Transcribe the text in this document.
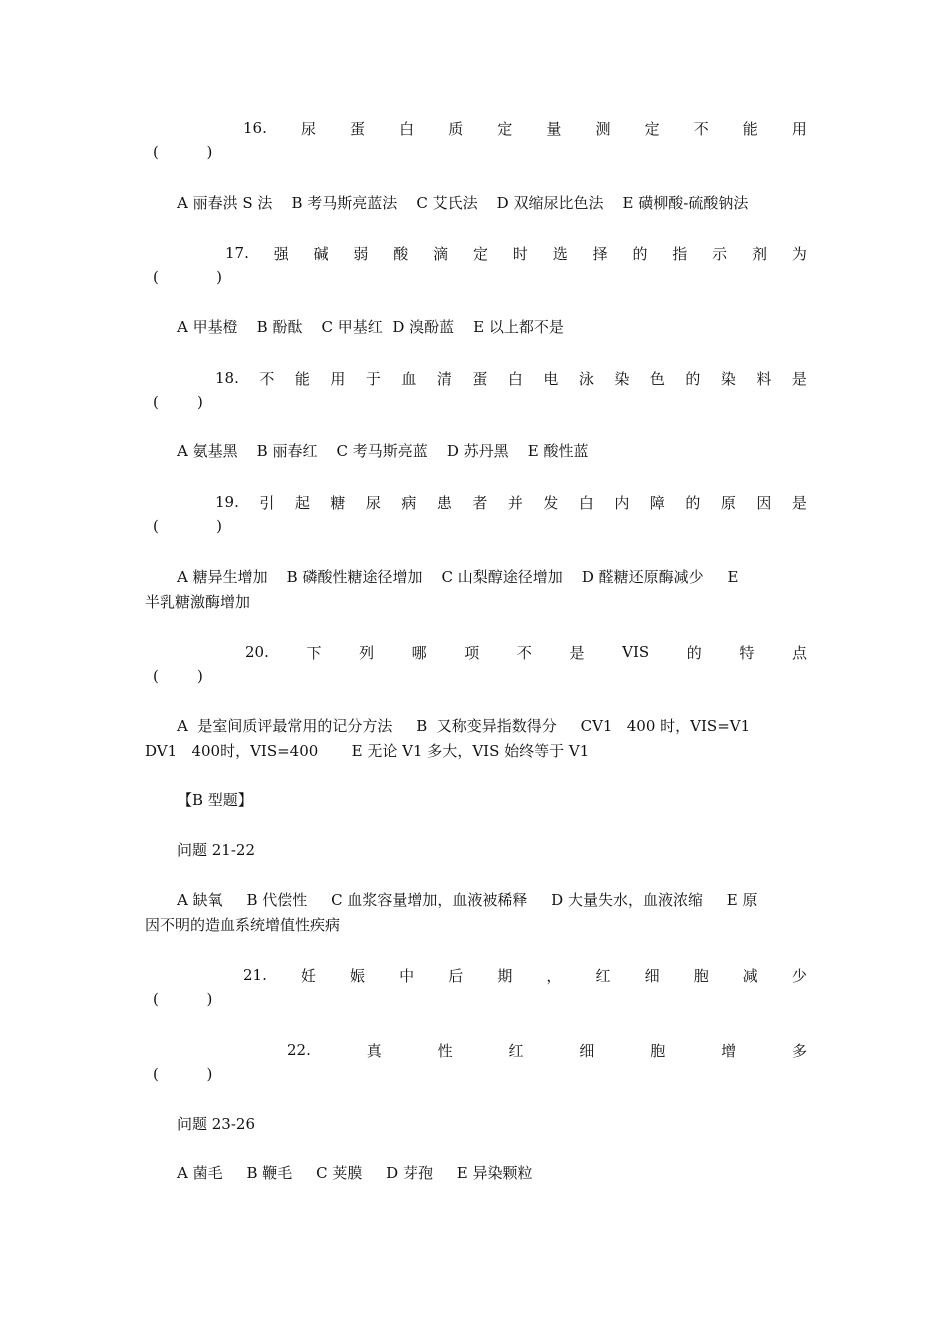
16. 尿 蛋 白 质 定 量 测 定 不 能 用
(          )
A 丽春洪 S 法    B 考马斯亮蓝法    C 艾氏法    D 双缩尿比色法    E 磺柳酸-硫酸钠法
17. 强 碱 弱 酸 滴 定 时 选 择 的 指 示 剂 为
(            )
A 甲基橙    B 酚酞    C 甲基红  D 溴酚蓝    E 以上都不是
18. 不 能 用 于 血 清 蛋 白 电 泳 染 色 的 染 料 是
(        )
A 氨基黑    B 丽春红    C 考马斯亮蓝    D 苏丹黑    E 酸性蓝
19. 引 起 糖 尿 病 患 者 并 发 白 内 障 的 原 因 是
(            )
A 糖异生增加    B 磷酸性糖途径增加    C 山梨醇途径增加    D 醛糖还原酶减少     E
半乳糖激酶增加
20.	下	列	哪	项	不	是	VIS	的	特	点
(        )
A  是室间质评最常用的记分方法     B  又称变异指数得分     CV1   400 时，VIS=V1
DV1   400时，VIS=400       E 无论 V1 多大，VIS 始终等于 V1
【B 型题】
问题 21-22
A 缺氧     B 代偿性     C 血浆容量增加，血液被稀释     D 大量失水，血液浓缩     E 原
因不明的造血系统增值性疾病
21. 妊 娠 中 后 期 ， 红 细 胞 减 少
(          )
22.	真	性	红	细	胞	增	多
(          )
问题 23-26
A 菌毛     B 鞭毛     C 荚膜     D 芽孢     E 异染颗粒
